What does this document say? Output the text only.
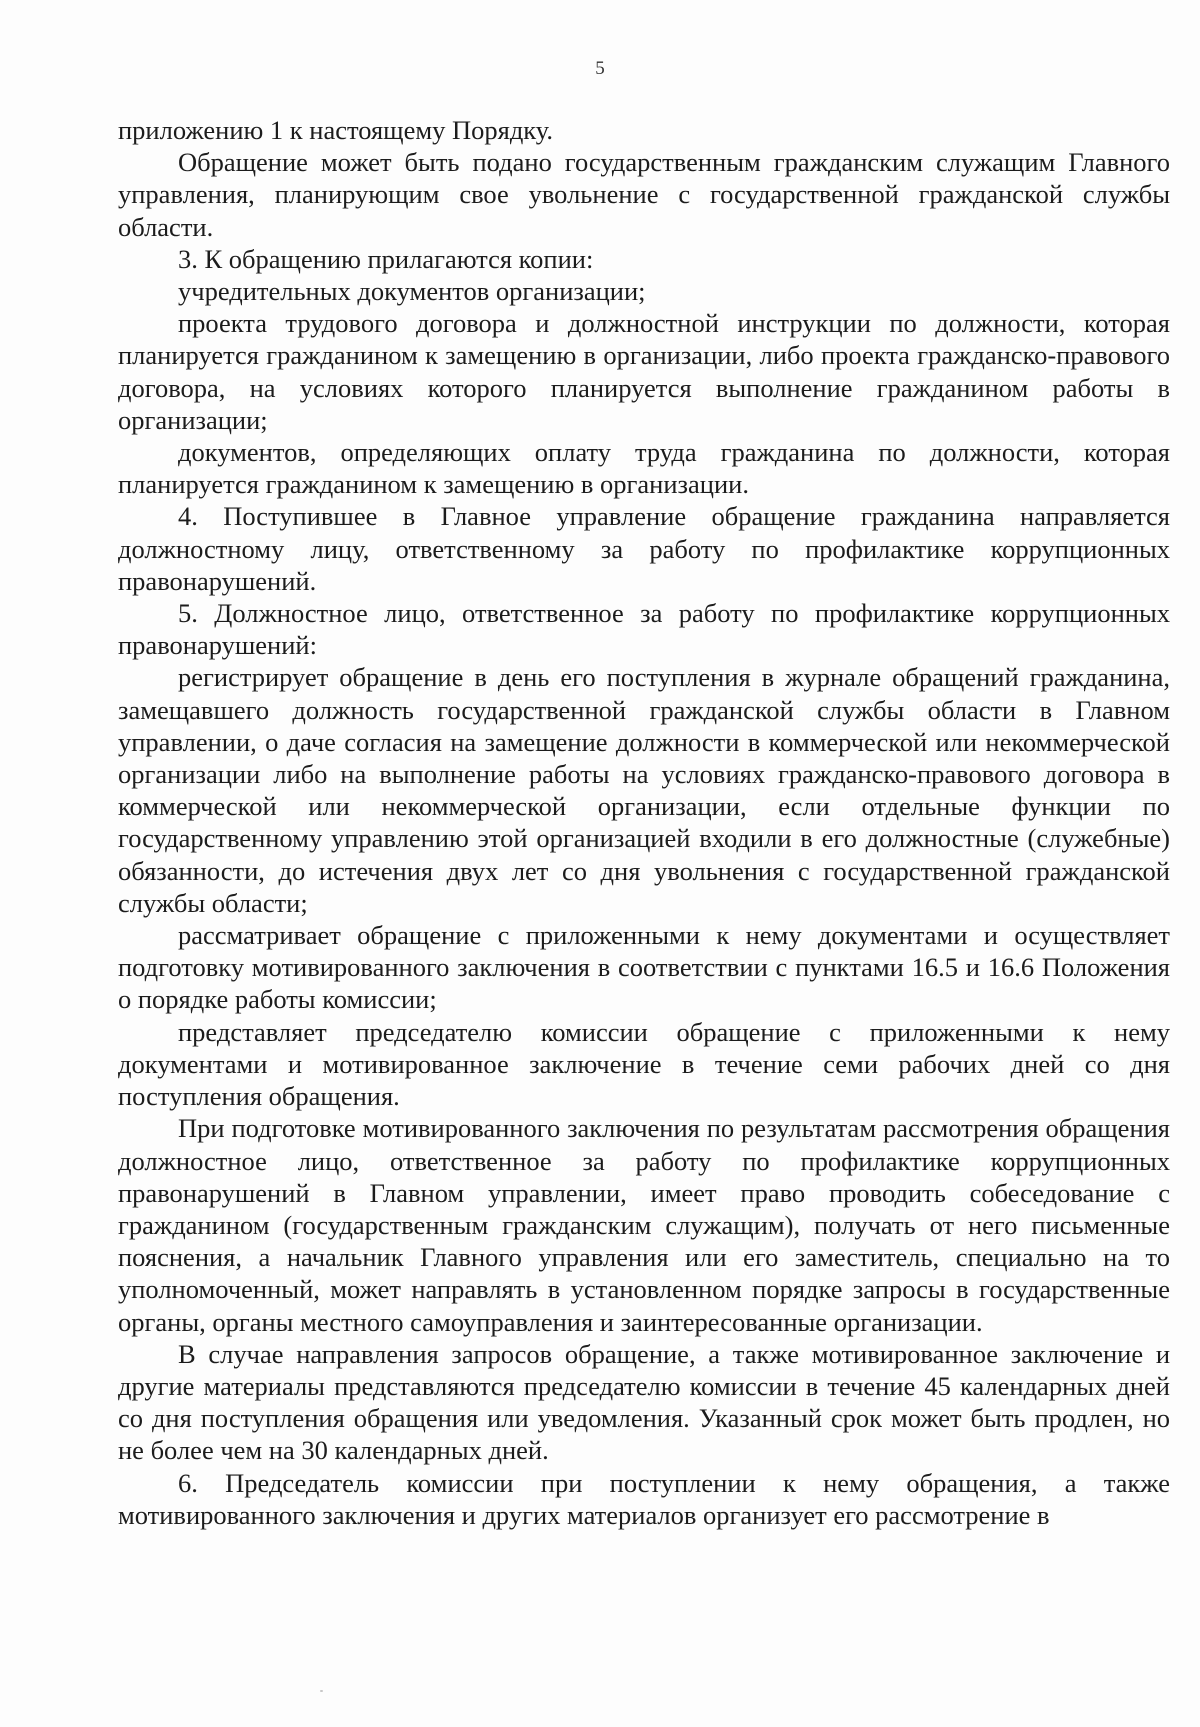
5

приложению 1 к настоящему Порядку.

Обращение может быть подано государственным гражданским служащим Главного управления, планирующим свое увольнение с государственной гражданской службы области.

3. К обращению прилагаются копии:

учредительных документов организации;

проекта трудового договора и должностной инструкции по должности, которая планируется гражданином к замещению в организации, либо проекта гражданско-правового договора, на условиях которого планируется выполнение гражданином работы в организации;

документов, определяющих оплату труда гражданина по должности, которая планируется гражданином к замещению в организации.

4. Поступившее в Главное управление обращение гражданина направляется должностному лицу, ответственному за работу по профилактике коррупционных правонарушений.

5. Должностное лицо, ответственное за работу по профилактике коррупционных правонарушений:

регистрирует обращение в день его поступления в журнале обращений гражданина, замещавшего должность государственной гражданской службы области в Главном управлении, о даче согласия на замещение должности в коммерческой или некоммерческой организации либо на выполнение работы на условиях гражданско-правового договора в коммерческой или некоммерческой организации, если отдельные функции по государственному управлению этой организацией входили в его должностные (служебные) обязанности, до истечения двух лет со дня увольнения с государственной гражданской службы области;

рассматривает обращение с приложенными к нему документами и осуществляет подготовку мотивированного заключения в соответствии с пунктами 16.5 и 16.6 Положения о порядке работы комиссии;

представляет председателю комиссии обращение с приложенными к нему документами и мотивированное заключение в течение семи рабочих дней со дня поступления обращения.

При подготовке мотивированного заключения по результатам рассмотрения обращения должностное лицо, ответственное за работу по профилактике коррупционных правонарушений в Главном управлении, имеет право проводить собеседование с гражданином (государственным гражданским служащим), получать от него письменные пояснения, а начальник Главного управления или его заместитель, специально на то уполномоченный, может направлять в установленном порядке запросы в государственные органы, органы местного самоуправления и заинтересованные организации.

В случае направления запросов обращение, а также мотивированное заключение и другие материалы представляются председателю комиссии в течение 45 календарных дней со дня поступления обращения или уведомления. Указанный срок может быть продлен, но не более чем на 30 календарных дней.

6. Председатель комиссии при поступлении к нему обращения, а также мотивированного заключения и других материалов организует его рассмотрение в
